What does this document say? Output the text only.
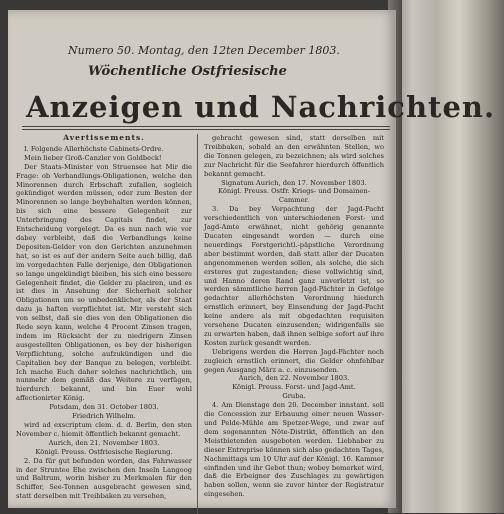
Numero 50. Montag, den 12ten December 1803.
Wöchentliche Ostfriesische
Anzeigen und Nachrichten.

Avertissements.

I. Folgende Allerhöchste Cabinets-Ordre.

Mein lieber Groß-Canzler von Goldbeck!

Der Staats-Minister von Struensee hat Mir die Frage: ob Verbandlungs-Obligationen, welche den Minorennen durch Erbschaft zufallen, sogleich gekündiget werden müssen, oder zum Besten der Minorennen so lange beybehalten werden können, bis sich eine bessere Gelegenheit zur Unterbringung des Capitals findet, zur Entscheidung vorgelegt. Da es nun nach wie vor dabey verbleibt, daß die Verbandlungs keine Depositen-Gelder von den Gerichten anzunehmen hat, so ist es auf der andern Seite auch billig, daß im vorgedachten Falle derjenige, den Obligationen so lange ungekündigt bleiben, bis sich eine bessere Gelegenheit findet, die Gelder zu placiren, und es ist dies in Ansehung der Sicherheit solcher Obligationen um so unbedenklicher, als der Staat dazu ja haften verpflichtet ist. Mir versteht sich von selbst, daß sie dies von den Obligationen die Rede seyn kann, welche 4 Procent Zinsen tragen, indem im Rücksicht der zu niedrigern Zinsen ausgestellten Obligationen, es bey der bisherigen Verpflichtung, solche aufzukündigen und die Capitalien bey der Banque zu belegen, verbleibt. Ich mache Euch daher solches nachrichtlich, um nunmehr dem gemäß das Weitere zu verfügen, hierdurch bekannt, und bin Euer wohl affectionirter König.

Potsdam, den 31. October 1803.

Friedrich Wilhelm.

wird ad exscriptum clem. d. d. Berlin, den sten November c. hiemit öffentlich bekannt gemacht.

Aurich, den 21. November 1803.

Königl. Preuss. Ostfriesische Regierung.

2. Da für gut befunden worden, das Fahrwasser in der Struntee Ehe zwischen den Inseln Langoog und Baltrum, worin bisher zu Merkmalen für den Schiffer, See-Tonnen ausgebracht gewesen sind, statt derselben mit Treibbaken zu versehen,

gebracht gewesen sind, statt derselben mit Treibbaken, sobald an den erwähnten Stellen, wo die Tonnen gelegen, zu bezeichnen; als wird solches zur Nachricht für die Seefahrer hierdurch öffentlich bekannt gemacht.

Signatum Aurich, den 17. November 1803.

Königl. Preuss. Ostfr. Kriegs- und Domainen-Cammer.

3. Da bey Verpachtung der Jagd-Pacht verschiedentlich von unterschiedenen Forst- und Jagd-Amte erwähnet, nicht gehörig genannte Ducaten eingesandt worden — durch eine neuerdings Forstgerichtl.-päpstliche Verordnung aber bestimmt worden, daß statt aller der Ducaten angenommenen werden sollen, als solche, die sich ersteres gut zugestanden; diese vollwichtig sind, und Hanno deren Rand ganz unverletzt ist, so werden sämmtliche herren Jagd-Pächter in Gefolge gedachter allerhöchsten Verordnung hiedurch ernstlich erinnert, bey Einsendung der Jagd-Pacht keine andere als mit obgedachten requisiten versehene Ducaten einzusenden; widrigenfalls sie zu erwarten haben, daß ihnen selbige sofort auf ihre Kosten zurück gesandt werden.

Uebrigens werden die Herren Jagd-Pächter noch zugleich ernstlich erinnert, die Gelder ohnfehlbar gegen Ausgang März a. c. einzusenden.

Aurich, den 22. November 1803.

Königl. Preuss. Forst- und Jagd-Amt.

Gruba.

4. Am Dienstage den 20. December innstant. soll die Concession zur Erbauung einer neuen Wasser- und Pelde-Mühle am Spetzer-Wege, und zwar auf dem sogenannten Nöte-Distrikt, öffentlich an den Meistbietenden ausgeboten werden. Liebhaber zu dieser Entreprise können sich also gedachten Tages, Nachmittags um 10 Uhr auf der Königl. 16. Kammer einfinden und ihr Gebot thun; wobey bemerket wird, daß die Erbeigner des Zuschlages zu gewärtigen haben sollen, wenn sie zuvor hinter der Registratur eingesehen.
